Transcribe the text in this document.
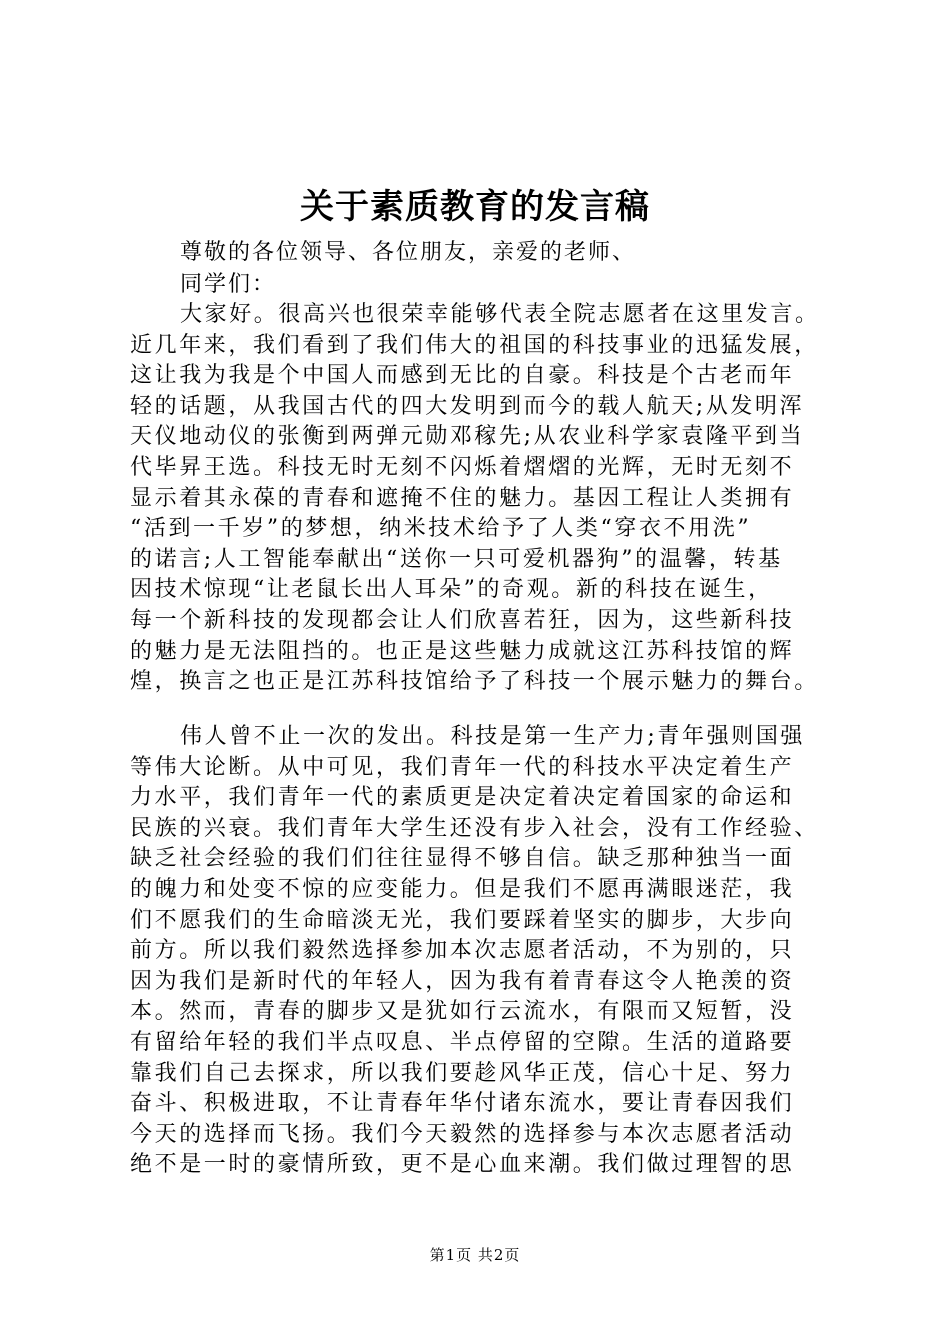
关于素质教育的发言稿
尊敬的各位领导、各位朋友，亲爱的老师、
同学们：
大家好。很高兴也很荣幸能够代表全院志愿者在这里发言。
近几年来，我们看到了我们伟大的祖国的科技事业的迅猛发展，
这让我为我是个中国人而感到无比的自豪。科技是个古老而年
轻的话题，从我国古代的四大发明到而今的载人航天;从发明浑
天仪地动仪的张衡到两弹元勋邓稼先;从农业科学家袁隆平到当
代毕昇王选。科技无时无刻不闪烁着熠熠的光辉，无时无刻不
显示着其永葆的青春和遮掩不住的魅力。基因工程让人类拥有
“活到一千岁”的梦想，纳米技术给予了人类“穿衣不用洗”
的诺言;人工智能奉献出“送你一只可爱机器狗”的温馨，转基
因技术惊现“让老鼠长出人耳朵”的奇观。新的科技在诞生，
每一个新科技的发现都会让人们欣喜若狂，因为，这些新科技
的魅力是无法阻挡的。也正是这些魅力成就这江苏科技馆的辉
煌，换言之也正是江苏科技馆给予了科技一个展示魅力的舞台。
伟人曾不止一次的发出。科技是第一生产力;青年强则国强
等伟大论断。从中可见，我们青年一代的科技水平决定着生产
力水平，我们青年一代的素质更是决定着决定着国家的命运和
民族的兴衰。我们青年大学生还没有步入社会，没有工作经验、
缺乏社会经验的我们们往往显得不够自信。缺乏那种独当一面
的魄力和处变不惊的应变能力。但是我们不愿再满眼迷茫，我
们不愿我们的生命暗淡无光，我们要踩着坚实的脚步，大步向
前方。所以我们毅然选择参加本次志愿者活动，不为别的，只
因为我们是新时代的年轻人，因为我有着青春这令人艳羡的资
本。然而，青春的脚步又是犹如行云流水，有限而又短暂，没
有留给年轻的我们半点叹息、半点停留的空隙。生活的道路要
靠我们自己去探求，所以我们要趁风华正茂，信心十足、努力
奋斗、积极进取，不让青春年华付诸东流水，要让青春因我们
今天的选择而飞扬。我们今天毅然的选择参与本次志愿者活动
绝不是一时的豪情所致，更不是心血来潮。我们做过理智的思
第1页 共2页
